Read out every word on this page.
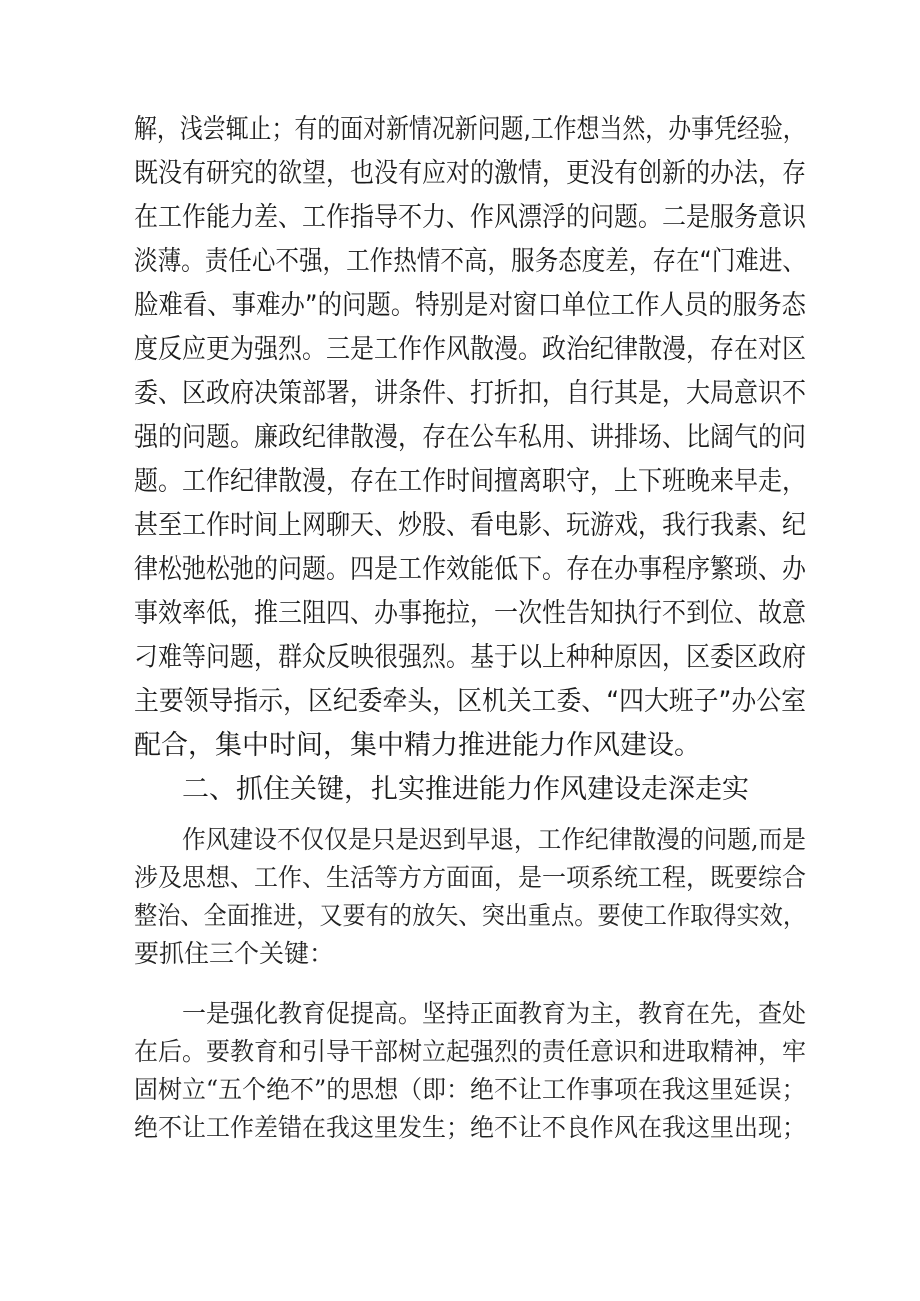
解，浅尝辄止；有的面对新情况新问题,工作想当然，办事凭经验，
既没有研究的欲望，也没有应对的激情，更没有创新的办法，存
在工作能力差、工作指导不力、作风漂浮的问题。二是服务意识
淡薄。责任心不强，工作热情不高，服务态度差，存在“门难进、
脸难看、事难办”的问题。特别是对窗口单位工作人员的服务态
度反应更为强烈。三是工作作风散漫。政治纪律散漫，存在对区
委、区政府决策部署，讲条件、打折扣，自行其是，大局意识不
强的问题。廉政纪律散漫，存在公车私用、讲排场、比阔气的问
题。工作纪律散漫，存在工作时间擅离职守，上下班晚来早走，
甚至工作时间上网聊天、炒股、看电影、玩游戏，我行我素、纪
律松弛松弛的问题。四是工作效能低下。存在办事程序繁琐、办
事效率低，推三阻四、办事拖拉，一次性告知执行不到位、故意
刁难等问题，群众反映很强烈。基于以上种种原因，区委区政府
主要领导指示，区纪委牵头，区机关工委、“四大班子”办公室
配合，集中时间，集中精力推进能力作风建设。
二、抓住关键，扎实推进能力作风建设走深走实
作风建设不仅仅是只是迟到早退，工作纪律散漫的问题,而是
涉及思想、工作、生活等方方面面，是一项系统工程，既要综合
整治、全面推进，又要有的放矢、突出重点。要使工作取得实效，
要抓住三个关键：
一是强化教育促提高。坚持正面教育为主，教育在先，查处
在后。要教育和引导干部树立起强烈的责任意识和进取精神，牢
固树立“五个绝不”的思想（即：绝不让工作事项在我这里延误；
绝不让工作差错在我这里发生；绝不让不良作风在我这里出现；
